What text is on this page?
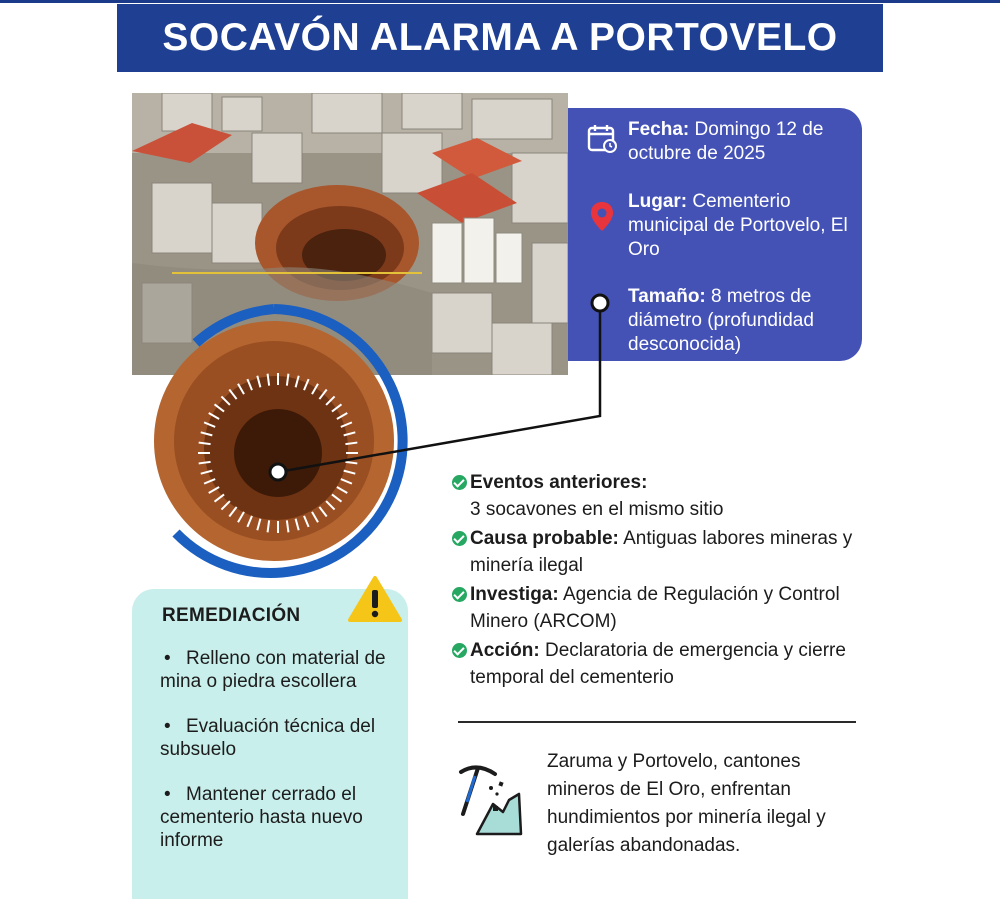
SOCAVÓN ALARMA A PORTOVELO
Fecha: Domingo 12 de octubre de 2025
Lugar: Cementerio municipal de Portovelo, El Oro
Tamaño: 8 metros de diámetro (profundidad desconocida)
Eventos anteriores:
3 socavones en el mismo sitio
Causa probable: Antiguas labores mineras y minería ilegal
Investiga: Agencia de Regulación y Control Minero (ARCOM)
Acción: Declaratoria de emergencia y cierre temporal del cementerio
REMEDIACIÓN
• Relleno con material de mina o piedra escollera
• Evaluación técnica del subsuelo
• Mantener cerrado el cementerio hasta nuevo informe
Zaruma y Portovelo, cantones mineros de El Oro, enfrentan hundimientos por minería ilegal y galerías abandonadas.
